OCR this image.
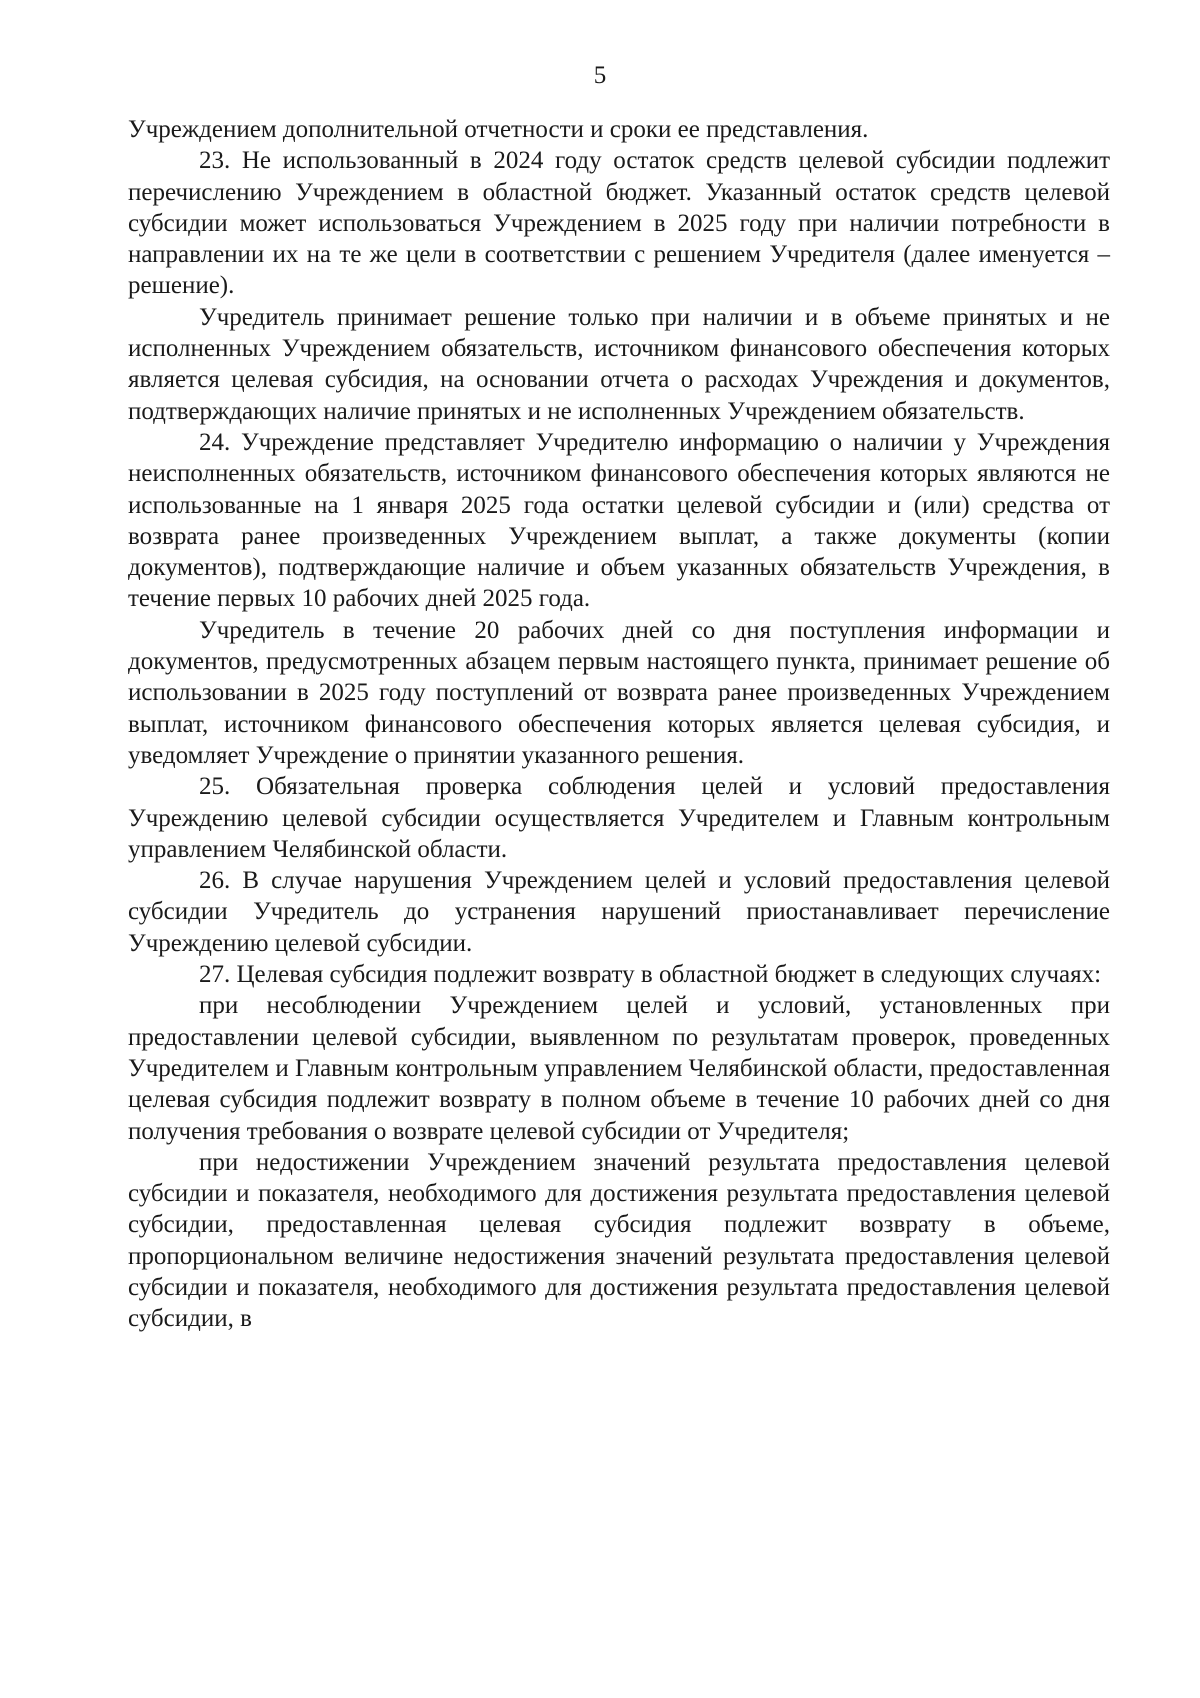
5

Учреждением дополнительной отчетности и сроки ее представления.

23. Не использованный в 2024 году остаток средств целевой субсидии подлежит перечислению Учреждением в областной бюджет. Указанный остаток средств целевой субсидии может использоваться Учреждением в 2025 году при наличии потребности в направлении их на те же цели в соответствии с решением Учредителя (далее именуется – решение).

Учредитель принимает решение только при наличии и в объеме принятых и не исполненных Учреждением обязательств, источником финансового обеспечения которых является целевая субсидия, на основании отчета о расходах Учреждения и документов, подтверждающих наличие принятых и не исполненных Учреждением обязательств.

24. Учреждение представляет Учредителю информацию о наличии у Учреждения неисполненных обязательств, источником финансового обеспечения которых являются не использованные на 1 января 2025 года остатки целевой субсидии и (или) средства от возврата ранее произведенных Учреждением выплат, а также документы (копии документов), подтверждающие наличие и объем указанных обязательств Учреждения, в течение первых 10 рабочих дней 2025 года.

Учредитель в течение 20 рабочих дней со дня поступления информации и документов, предусмотренных абзацем первым настоящего пункта, принимает решение об использовании в 2025 году поступлений от возврата ранее произведенных Учреждением выплат, источником финансового обеспечения которых является целевая субсидия, и уведомляет Учреждение о принятии указанного решения.

25. Обязательная проверка соблюдения целей и условий предоставления Учреждению целевой субсидии осуществляется Учредителем и Главным контрольным управлением Челябинской области.

26. В случае нарушения Учреждением целей и условий предоставления целевой субсидии Учредитель до устранения нарушений приостанавливает перечисление Учреждению целевой субсидии.

27. Целевая субсидия подлежит возврату в областной бюджет в следующих случаях:

при несоблюдении Учреждением целей и условий, установленных при предоставлении целевой субсидии, выявленном по результатам проверок, проведенных Учредителем и Главным контрольным управлением Челябинской области, предоставленная целевая субсидия подлежит возврату в полном объеме в течение 10 рабочих дней со дня получения требования о возврате целевой субсидии от Учредителя;

при недостижении Учреждением значений результата предоставления целевой субсидии и показателя, необходимого для достижения результата предоставления целевой субсидии, предоставленная целевая субсидия подлежит возврату в объеме, пропорциональном величине недостижения значений результата предоставления целевой субсидии и показателя, необходимого для достижения результата предоставления целевой субсидии, в
